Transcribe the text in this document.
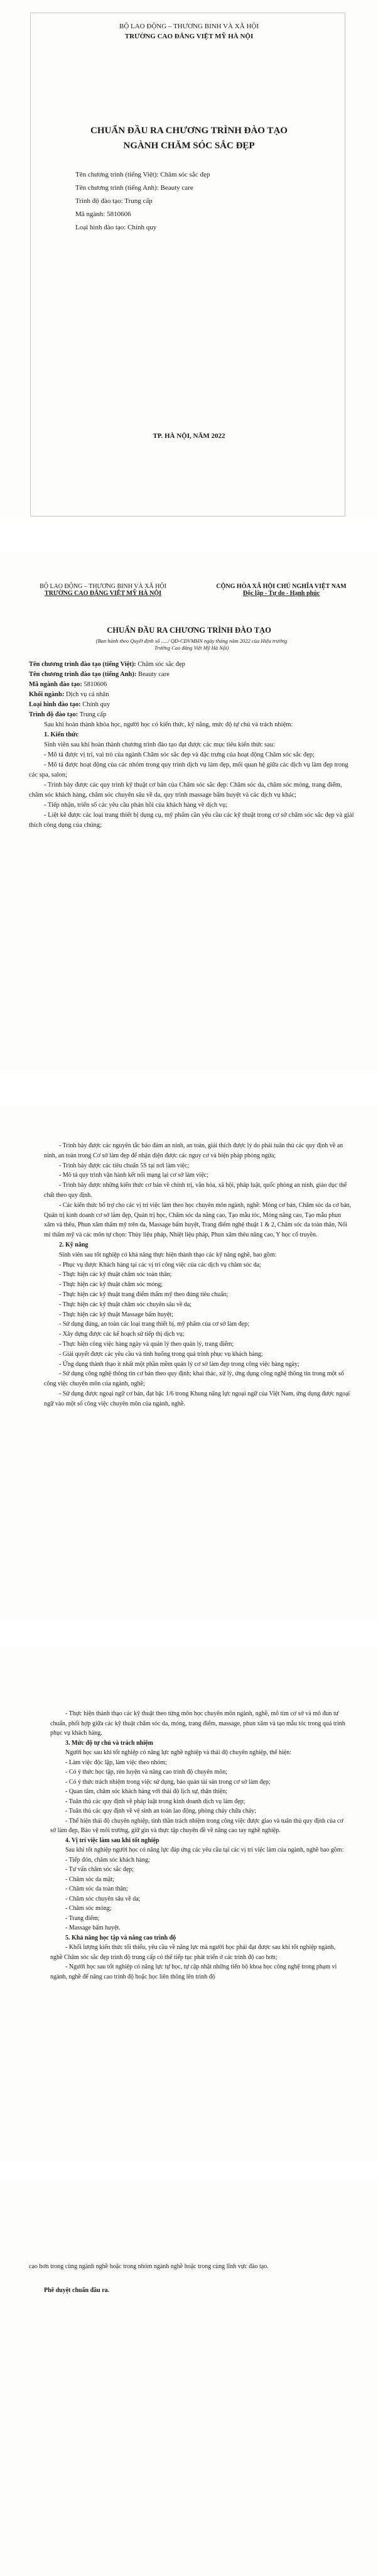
BỘ LAO ĐỘNG – THƯƠNG BINH VÀ XÃ HỘI
TRƯỜNG CAO ĐẲNG VIỆT MỸ HÀ NỘI
CHUẨN ĐẦU RA CHƯƠNG TRÌNH ĐÀO TẠO
NGÀNH CHĂM SÓC SẮC ĐẸP
Tên chương trình (tiếng Việt): Chăm sóc sắc đẹp
Tên chương trình (tiếng Anh): Beauty care
Trình độ đào tạo: Trung cấp
Mã ngành: 5810606
Loại hình đào tạo: Chính quy
TP. HÀ NỘI, NĂM 2022
BỘ LAO ĐỘNG – THƯƠNG BINH VÀ XÃ HỘI
TRƯỜNG CAO ĐẲNG VIỆT MỸ HÀ NỘI
CỘNG HÒA XÃ HỘI CHỦ NGHĨA VIỆT NAM
Độc lập - Tự do - Hạnh phúc
CHUẨN ĐẦU RA CHƯƠNG TRÌNH ĐÀO TẠO
(Ban hành theo Quyết định số ...../ QĐ-CĐVMHN ngày tháng năm 2022 của Hiệu trưởng Trường Cao đẳng Việt Mỹ Hà Nội)

Tên chương trình đào tạo (tiếng Việt): Chăm sóc sắc đẹp

Tên chương trình đào tạo (tiếng Anh): Beauty care

Mã ngành đào tạo: 5810606

Khối ngành: Dịch vụ cá nhân

Loại hình đào tạo: Chính quy

Trình độ đào tạo: Trung cấp

Sau khi hoàn thành khóa học, người học có kiến thức, kỹ năng, mức độ tự chủ và trách nhiệm:

1. Kiến thức

Sinh viên sau khi hoàn thành chương trình đào tạo đạt được các mục tiêu kiến thức sau:

- Mô tả được vị trí, vai trò của ngành Chăm sóc sắc đẹp và đặc trưng của hoạt động Chăm sóc sắc đẹp;

- Mô tả được hoạt động của các nhóm trong quy trình dịch vụ làm đẹp, mối quan hệ giữa các dịch vụ làm đẹp trong các spa, salon;

- Trình bày được các quy trình kỹ thuật cơ bản của Chăm sóc sắc đẹp: Chăm sóc da, chăm sóc móng, trang điểm, chăm sóc khách hàng, chăm sóc chuyên sâu về da, quy trình massage bấm huyệt và các dịch vụ khác;

- Tiếp nhận, triển số các yêu cầu phản hồi của khách hàng về dịch vụ;

- Liệt kê được các loại trang thiết bị dụng cụ, mỹ phẩm cần yêu cầu các kỹ thuật trong cơ sở chăm sóc sắc đẹp và giải thích công dụng của chúng;

- Trình bày được các nguyên tắc bảo đảm an ninh, an toàn, giải thích được lý do phải tuân thủ các quy định về an ninh, an toàn trong Cơ sở làm đẹp để nhận diện được các nguy cơ và biện pháp phòng ngừa;

- Trình bày được các tiêu chuẩn 5S tại nơi làm việc;

- Mô tả quy trình vận hành kết nối mạng lại cơ sở làm việc;

- Trình bày được những kiến thức cơ bản về chính trị, văn hóa, xã hội, pháp luật, quốc phòng an ninh, giáo dục thể chất theo quy định.

- Các kiến thức bổ trợ cho các vị trí việc làm theo học chuyên môn ngành, nghề: Móng cơ bản, Chăm sóc da cơ bản, Quản trị kinh doanh cơ sở làm đẹp, Quản trị học, Chăm sóc da nâng cao, Tạo mẫu tóc, Móng nâng cao, Tạo mẫu phun xăm và thêu, Phun xăm thẩm mỹ trên da, Massage bấm huyệt, Trang điểm nghệ thuật 1 & 2, Chăm sóc da toàn thân, Nối mi thẩm mỹ và các môn tự chọn: Thủy liệu pháp, Nhiệt liệu pháp, Phun xăm thêu nâng cao, Y học cổ truyền.

2. Kỹ năng

Sinh viên sau tốt nghiệp có khả năng thực hiện thành thạo các kỹ năng nghề, bao gồm:

- Phục vụ được Khách hàng tại các vị trí công việc của các dịch vụ chăm sóc da;

- Thực hiện các kỹ thuật chăm sóc toàn thân;

- Thực hiện các kỹ thuật chăm sóc móng;

- Thực hiện các kỹ thuật trang điểm thẩm mỹ theo đúng tiêu chuẩn;

- Thực hiện các kỹ thuật chăm sóc chuyên sâu về da;

- Thực hiện các kỹ thuật Massage bấm huyệt;

- Sử dụng đúng, an toàn các loại trang thiết bị, mỹ phẩm của cơ sở làm đẹp;

- Xây dựng được các kế hoạch sử tiếp thị dịch vụ;

- Thực hiện công việc hàng ngày và quản lý theo quản lý, trang điểm;

- Giải quyết được các yêu cầu và tình huống trong quá trình phục vụ khách hàng;

- Ứng dụng thành thạo ít nhất một phần mềm quản lý cơ sở làm đẹp trong công việc hàng ngày;

- Sử dụng công nghệ thông tin cơ bản theo quy định; khai thác, xử lý, ứng dụng công nghệ thông tin trong một số công việc chuyên môn của ngành, nghề;

- Sử dụng được ngoại ngữ cơ bản, đạt bậc 1/6 trong Khung năng lực ngoại ngữ của Việt Nam, ứng dụng được ngoại ngữ vào một số công việc chuyên môn của ngành, nghề.

- Thực hiện thành thạo các kỹ thuật theo từng môn học chuyên môn ngành, nghề, mô tìm cơ sở và mô đun tư chuẩn, phối hợp giữa các kỹ thuật chăm sóc da, móng, trang điểm, massage, phun xăm và tạo mẫu tóc trong quá trình phục vụ khách hàng.

3. Mức độ tự chủ và trách nhiệm

Người học sau khi tốt nghiệp có năng lực nghề nghiệp và thái độ chuyên nghiệp, thể hiện:

- Làm việc độc lập, làm việc theo nhóm;

- Có ý thức học tập, rèn luyện và nâng cao trình độ chuyên môn;

- Có ý thức trách nhiệm trong việc sử dụng, bảo quản tài sản trong cơ sở làm đẹp;

- Quan tâm, chăm sóc khách hàng với thái độ lịch sự, thân thiện;

- Tuân thủ các quy định về pháp luật trong kinh doanh dịch vụ làm đẹp;

- Tuân thủ các quy định về vệ sinh an toàn lao động, phòng cháy chữa cháy;

- Thể hiện thái độ chuyên nghiệp, tinh thần trách nhiệm trong công việc được giao và tuân thủ quy định của cơ sở làm đẹp, Bảo vệ môi trường, giữ gìn và thực tập chuyên đề về nâng cao tay nghề nghiệp.

4. Vị trí việc làm sau khi tốt nghiệp

Sau khi tốt nghiệp người học có năng lực đáp ứng các yêu cầu tại các vị trí việc làm của ngành, nghề bao gồm:

- Tiếp đón, chăm sóc khách hàng;

- Tư vấn chăm sóc sắc đẹp;

- Chăm sóc da mặt;

- Chăm sóc da toàn thân;

- Chăm sóc chuyên sâu về da;

- Chăm sóc móng;

- Trang điểm;

- Massage bấm huyệt.

5. Khả năng học tập và nâng cao trình độ

- Khối lượng kiến thức tối thiểu, yêu cầu về năng lực mà người học phải đạt được sau khi tốt nghiệp ngành, nghề Chăm sóc sắc đẹp trình độ trung cấp có thể tiếp tục phát triển ở các trình độ cao hơn;

- Người học sau tốt nghiệp có năng lực tự học, tự cập nhật những tiến bộ khoa học công nghệ trong phạm vi ngành, nghề để nâng cao trình độ hoặc học liên thông lên trình độ

cao hơn trong cùng ngành nghề hoặc trong nhóm ngành nghề hoặc trong cùng lĩnh vực đào tạo.

Phê duyệt chuẩn đầu ra.
